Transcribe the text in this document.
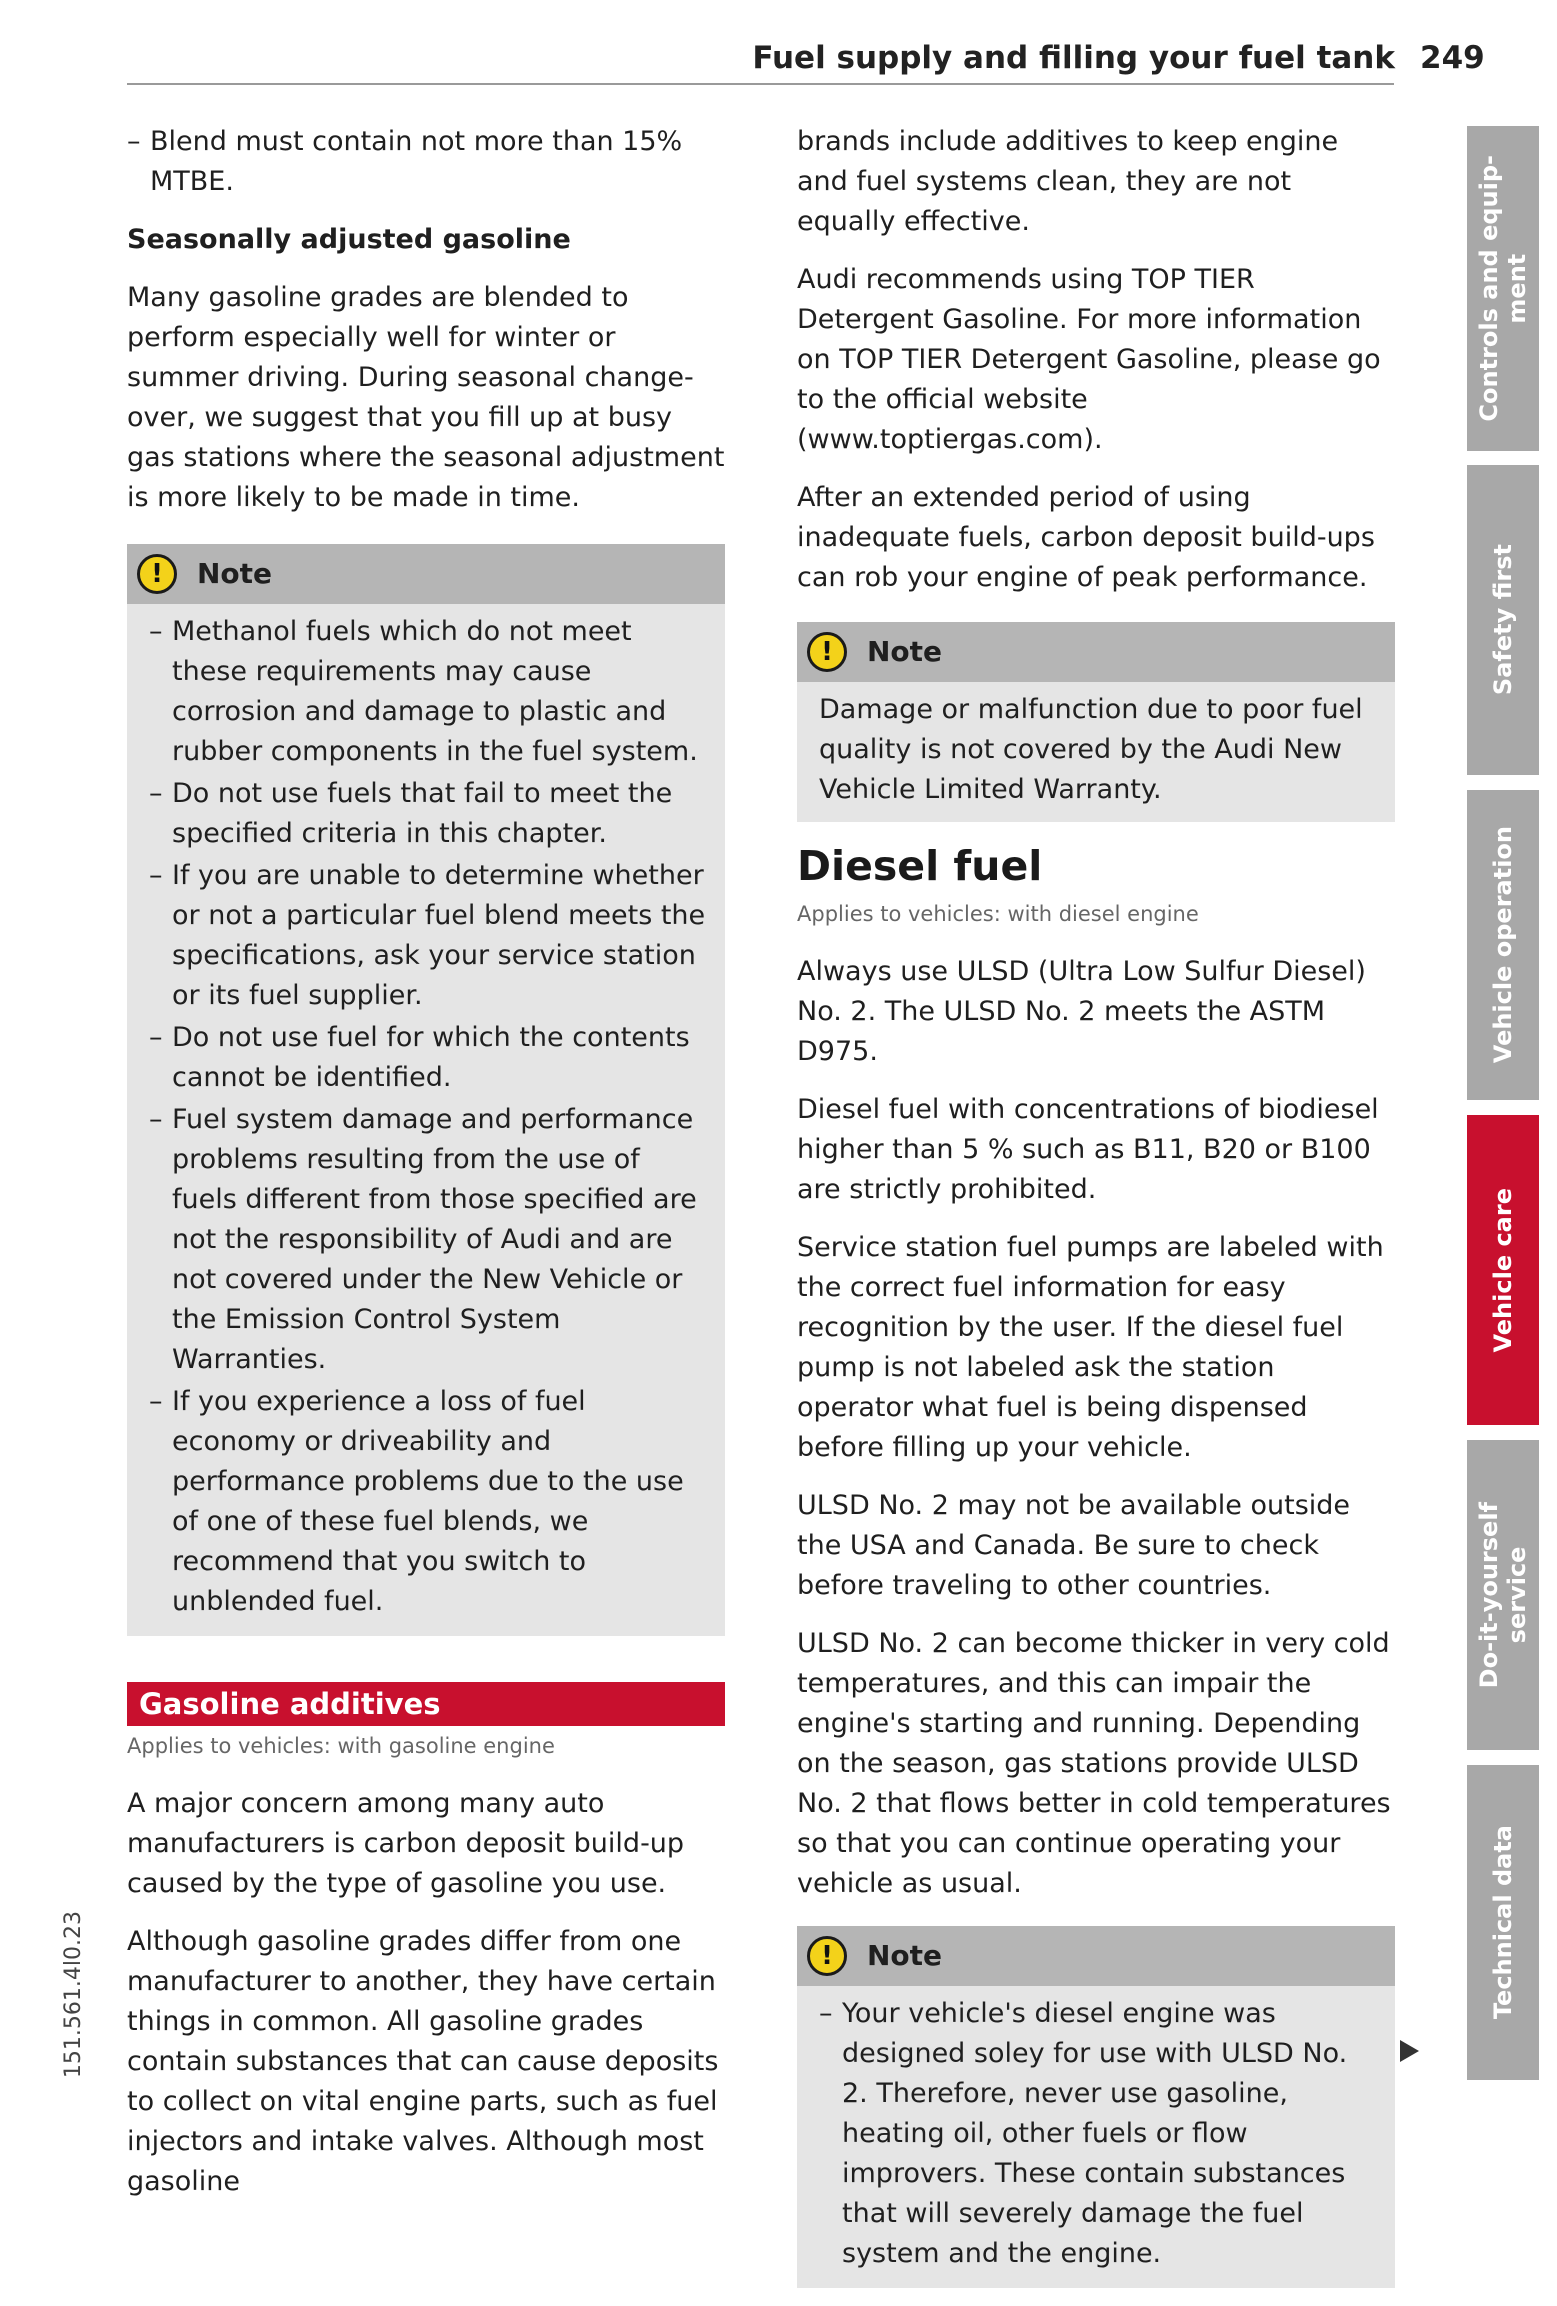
Fuel supply and filling your fuel tank 249
– Blend must contain not more than 15% MTBE.
Seasonally adjusted gasoline

Many gasoline grades are blended to perform especially well for winter or summer driving. During seasonal change-over, we suggest that you fill up at busy gas stations where the seasonal adjustment is more likely to be made in time.

!	Note
– Methanol fuels which do not meet these requirements may cause corrosion and damage to plastic and rubber components in the fuel system.
– Do not use fuels that fail to meet the specified criteria in this chapter.
– If you are unable to determine whether or not a particular fuel blend meets the specifications, ask your service station or its fuel supplier.
– Do not use fuel for which the contents cannot be identified.
– Fuel system damage and performance problems resulting from the use of fuels different from those specified are not the responsibility of Audi and are not covered under the New Vehicle or the Emission Control System Warranties.
– If you experience a loss of fuel economy or driveability and performance problems due to the use of one of these fuel blends, we recommend that you switch to unblended fuel.
Gasoline additives
Applies to vehicles: with gasoline engine

A major concern among many auto manufacturers is carbon deposit build-up caused by the type of gasoline you use.

Although gasoline grades differ from one manufacturer to another, they have certain things in common. All gasoline grades contain substances that can cause deposits to collect on vital engine parts, such as fuel injectors and intake valves. Although most gasoline

brands include additives to keep engine and fuel systems clean, they are not equally effective.

Audi recommends using TOP TIER Detergent Gasoline. For more information on TOP TIER Detergent Gasoline, please go to the official website (www.toptiergas.com).

After an extended period of using inadequate fuels, carbon deposit build-ups can rob your engine of peak performance.

!	Note

Damage or malfunction due to poor fuel quality is not covered by the Audi New Vehicle Limited Warranty.

Diesel fuel
Applies to vehicles: with diesel engine

Always use ULSD (Ultra Low Sulfur Diesel) No. 2. The ULSD No. 2 meets the ASTM D975.

Diesel fuel with concentrations of biodiesel higher than 5 % such as B11, B20 or B100 are strictly prohibited.

Service station fuel pumps are labeled with the correct fuel information for easy recognition by the user. If the diesel fuel pump is not labeled ask the station operator what fuel is being dispensed before filling up your vehicle.

ULSD No. 2 may not be available outside the USA and Canada. Be sure to check before traveling to other countries.

ULSD No. 2 can become thicker in very cold temperatures, and this can impair the engine's starting and running. Depending on the season, gas stations provide ULSD No. 2 that flows better in cold temperatures so that you can continue operating your vehicle as usual.

!	Note
– Your vehicle's diesel engine was designed soley for use with ULSD No. 2. Therefore, never use gasoline, heating oil, other fuels or flow improvers. These contain substances that will severely damage the fuel system and the engine.
Controls and equip-
ment
Safety first
Vehicle operation
Vehicle care
Do-it-yourself
service
Technical data
151.561.4l0.23
